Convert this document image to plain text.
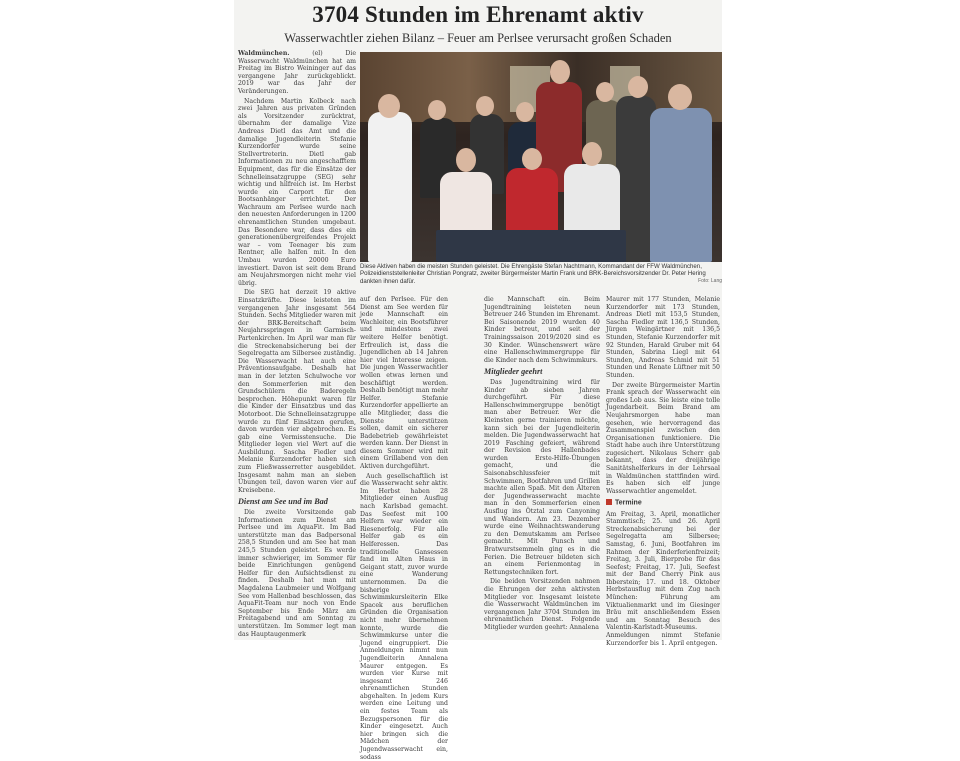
3704 Stunden im Ehrenamt aktiv
Wasserwachtler ziehen Bilanz – Feuer am Perlsee verursacht großen Schaden

Waldmünchen.	(el) Die Wasserwacht Waldmünchen hat am Freitag im Bistro Weininger auf das vergangene Jahr zurückgeblickt. 2019 war das Jahr der Veränderungen.

Nachdem Martin Kolbeck nach zwei Jahren aus privaten Gründen als Vorsitzender zurücktrat, übernahm der damalige Vize Andreas Dietl das Amt und die damalige Jugendleiterin Stefanie Kurzendorfer wurde seine Stellvertreterin. Dietl gab Informationen zu neu angeschafftem Equipment, das für die Einsätze der Schnelleinsatzgruppe (SEG) sehr wichtig und hilfreich ist. Im Herbst wurde ein Carport für den Bootsanhänger errichtet. Der Wachraum am Perlsee wurde nach den neuesten Anforderungen in 1200 ehrenamtlichen Stunden umgebaut. Das Besondere war, dass dies ein generationenübergreifendes Projekt war – vom Teenager bis zum Rentner, alle halfen mit. In den Umbau wurden 20000 Euro investiert. Davon ist seit dem Brand am Neujahrsmorgen nicht mehr viel übrig.

Die SEG hat derzeit 19 aktive Einsatzkräfte. Diese leisteten im vergangenen Jahr insgesamt 564 Stunden. Sechs Mitglieder waren mit der BRK-Bereitschaft beim Neujahrsspringen in Garmisch-Partenkirchen. Im April war man für die Streckenabsicherung bei der Segelregatta am Silbersee zuständig. Die Wasserwacht hat auch eine Präventionsaufgabe. Deshalb hat man in der letzten Schulwoche vor den Sommerferien mit den Grundschülern die Baderegeln besprochen. Höhepunkt waren für die Kinder der Einsatzbus und das Motorboot. Die Schnelleinsatzgruppe wurde zu fünf Einsätzen gerufen, davon wurden vier abgebrochen. Es gab eine Vermisstensuche. Die Mitglieder legen viel Wert auf die Ausbildung. Sascha Fiedler und Melanie Kurzendorfer haben sich zum Fließwasserretter ausgebildet. Insgesamt nahm man an sieben Übungen teil, davon waren vier auf Kreisebene.

Dienst am See und im Bad

Die zweite Vorsitzende gab Informationen zum Dienst am Perlsee und im AquaFit. Im Bad unterstützte man das Badpersonal 258,5 Stunden und am See hat man 245,5 Stunden geleistet. Es werde immer schwieriger, im Sommer für beide Einrichtungen genügend Helfer für den Aufsichtsdienst zu finden. Deshalb hat man mit Magdalena Laubmeier und Wolfgang See vom Hallenbad beschlossen, das AquaFit-Team nur noch von Ende September bis Ende März am Freitagabend und am Sonntag zu unterstützen. Im Sommer legt man das Hauptaugenmerk

Diese Aktiven haben die meisten Stunden geleistet. Die Ehrengäste Stefan Nachtmann, Kommandant der FFW Waldmünchen, Polizeidienststellenleiter Christian Pongratz, zweiter Bürgermeister Martin Frank und BRK-Bereichsvorsitzender Dr. Peter Hering dankten ihnen dafür.	Foto: Lang

auf den Perlsee. Für den Dienst am See werden für jede Mannschaft ein Wachleiter, ein Bootsführer und mindestens zwei weitere Helfer benötigt. Erfreulich ist, dass die Jugendlichen ab 14 Jahren hier viel Interesse zeigen. Die jungen Wasserwachtler wollen etwas lernen und beschäftigt werden. Deshalb benötigt man mehr Helfer. Stefanie Kurzendorfer appellierte an alle Mitglieder, dass die Dienste unterstützen sollen, damit ein sicherer Badebetrieb gewährleistet werden kann. Der Dienst in diesem Sommer wird mit einem Grillabend von den Aktiven durchgeführt.

Auch gesellschaftlich ist die Wasserwacht sehr aktiv. Im Herbst haben 28 Mitglieder einen Ausflug nach Karlsbad gemacht. Das Seefest mit 100 Helfern war wieder ein Riesenerfolg. Für alle Helfer gab es ein Helferessen. Das traditionelle Gansessen fand im Alten Haus in Geigant statt, zuvor wurde eine Wanderung unternommen. Da die bisherige Schwimmkursleiterin Elke Spacek aus beruflichen Gründen die Organisation nicht mehr übernehmen konnte, wurde die Schwimmkurse unter die Jugend eingruppiert. Die Anmeldungen nimmt nun Jugendleiterin Annalena Maurer entgegen. Es wurden vier Kurse mit insgesamt 246 ehrenamtlichen Stunden abgehalten. In jedem Kurs werden eine Leitung und ein festes Team als Bezugspersonen für die Kinder eingesetzt. Auch hier bringen sich die Mädchen der Jugendwasserwacht ein, sodass

die Mannschaft ein. Beim Jugendtraining leisteten neun Betreuer 246 Stunden im Ehrenamt. Bei Saisonende 2019 wurden 40 Kinder betreut, und seit der Trainingssaison 2019/2020 sind es 30 Kinder. Wünschenswert wäre eine Hallenschwimmergruppe für die Kinder nach dem Schwimmkurs.

Mitglieder geehrt

Das Jugendtraining wird für Kinder ab sieben Jahren durchgeführt. Für diese Hallenschwimmergruppe benötigt man aber Betreuer. Wer die Kleinsten gerne trainieren möchte, kann sich bei der Jugendleiterin melden. Die Jugendwasserwacht hat 2019 Fasching gefeiert, während der Revision des Hallenbades wurden Erste-Hilfe-Übungen gemacht, und die Saisonabschlussfeier mit Schwimmen, Bootfahren und Grillen machte allen Spaß. Mit den Älteren der Jugendwasserwacht machte man in den Sommerferien einen Ausflug ins Ötztal zum Canyoning und Wandern. Am 23. Dezember wurde eine Weihnachtswanderung zu den Demutskamm am Perlsee gemacht. Mit Punsch und Bratwurstsemmeln ging es in die Ferien. Die Betreuer bildeten sich an einem Ferienmontag in Rettungstechniken fort.

Die beiden Vorsitzenden nahmen die Ehrungen der zehn aktivsten Mitglieder vor. Insgesamt leistete die Wasserwacht Waldmünchen im vergangenen Jahr 3704 Stunden im ehrenamtlichen Dienst. Folgende Mitglieder wurden geehrt: Annalena

Maurer mit 177 Stunden, Melanie Kurzendorfer mit 173 Stunden, Andreas Dietl mit 153,5 Stunden, Sascha Fiedler mit 136,5 Stunden, Jürgen Weingärtner mit 136,5 Stunden, Stefanie Kurzendorfer mit 92 Stunden, Harald Gruber mit 64 Stunden, Sabrina Liegl mit 64 Stunden, Andreas Schmid mit 51 Stunden und Renate Lüftner mit 50 Stunden.

Der zweite Bürgermeister Martin Frank sprach der Wasserwacht ein großes Lob aus. Sie leiste eine tolle Jugendarbeit. Beim Brand am Neujahrsmorgen habe man gesehen, wie hervorragend das Zusammenspiel zwischen den Organisationen funktioniere. Die Stadt habe auch ihre Unterstützung zugesichert. Nikolaus Scherr gab bekannt, dass der dreijährige Sanitätshelferkurs in der Lehrsaal in Waldmünchen stattfinden wird. Es haben sich elf junge Wasserwachtler angemeldet.

Termine

Am Freitag, 3. April, monatlicher Stammtisch; 25. und 26. April Streckenabsicherung bei der Segelregatta am Silbersee; Samstag, 6. Juni, Bootfahren im Rahmen der Kinderferienfreizeit; Freitag, 3. Juli, Bierprobe für das Seefest; Freitag, 17. Juli, Seefest mit der Band Cherry Pink aus Ibberstein; 17. und 18. Oktober Herbstausflug mit dem Zug nach München: Führung am Viktualienmarkt und im Giesinger Bräu mit anschließendem Essen und am Sonntag Besuch des Valentin-Karlstadt-Museums. Anmeldungen nimmt Stefanie Kurzendorfer bis 1. April entgegen.
